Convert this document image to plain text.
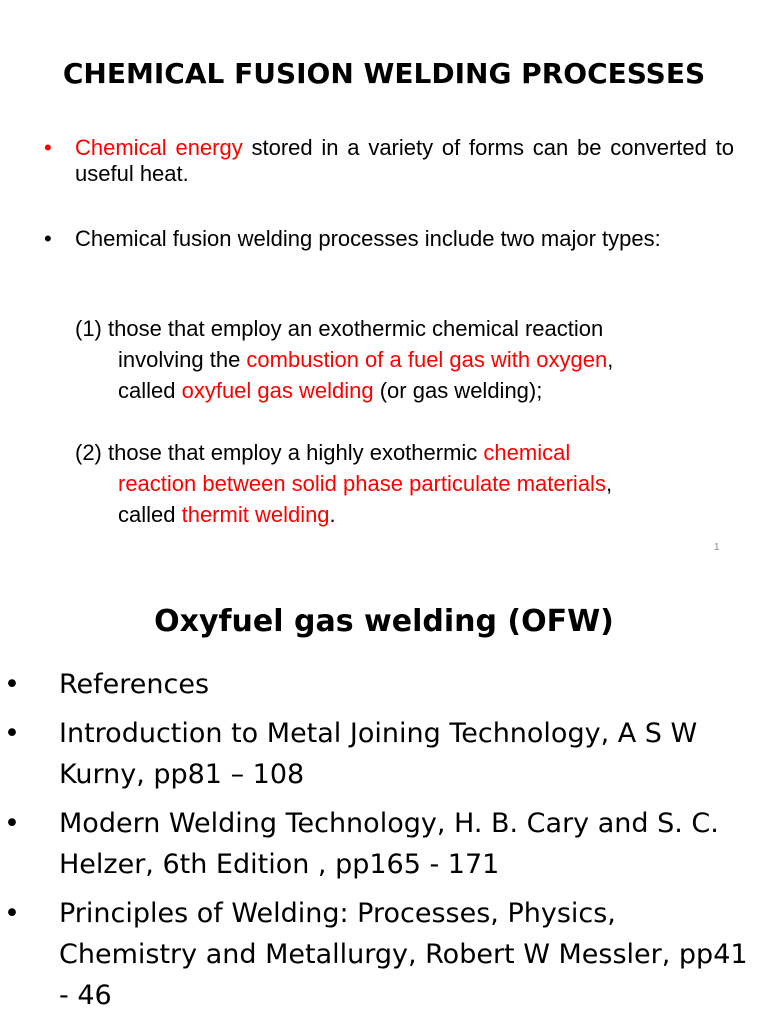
CHEMICAL FUSION WELDING PROCESSES
•	Chemical energy stored in a variety of forms can be converted to useful heat.
•	Chemical fusion welding processes include two major types:
(1) those that employ an exothermic chemical reaction
involving the combustion of a fuel gas with oxygen,
called oxyfuel gas welding (or gas welding);
(2) those that employ a highly exothermic chemical
reaction between solid phase particulate materials,
called thermit welding.
1
Oxyfuel gas welding (OFW)
• References
• Introduction to Metal Joining Technology, A S W Kurny, pp81 – 108
• Modern Welding Technology, H. B. Cary and S. C. Helzer, 6th Edition , pp165 - 171
• Principles of Welding: Processes, Physics, Chemistry and Metallurgy, Robert W Messler, pp41 - 46
